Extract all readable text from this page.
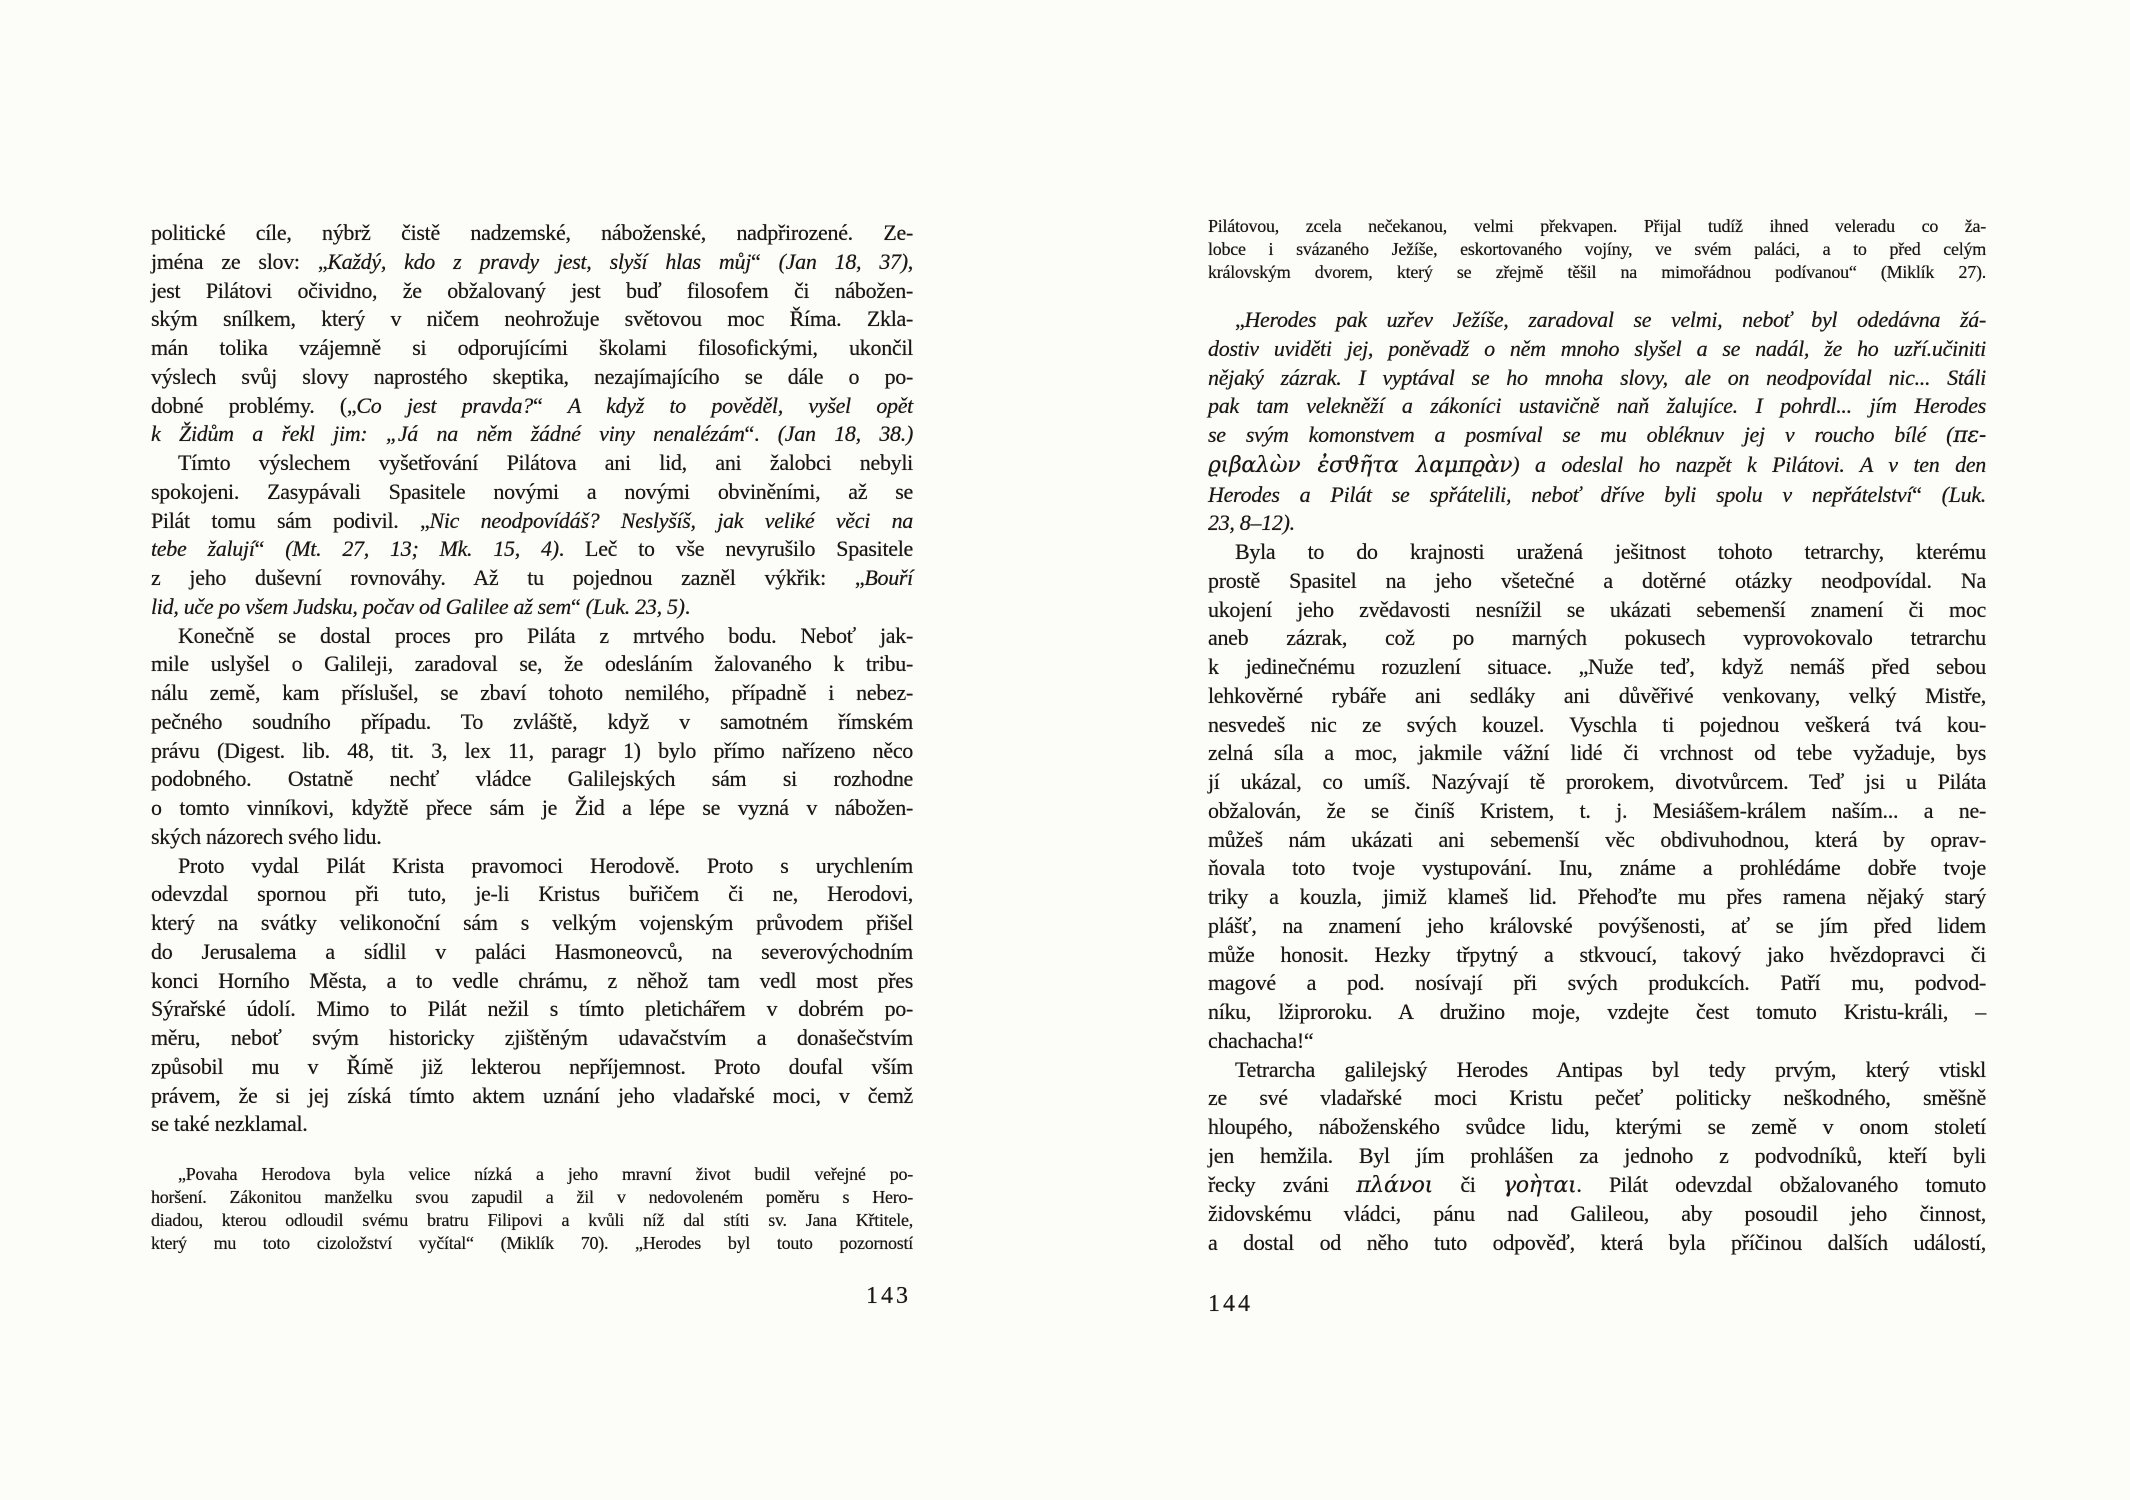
politické cíle, nýbrž čistě nadzemské, náboženské, nadpřirozené. Ze-
jména ze slov: „Každý, kdo z pravdy jest, slyší hlas můj“ (Jan 18, 37),
jest Pilátovi očividno, že obžalovaný jest buď filosofem či nábožen-
ským snílkem, který v ničem neohrožuje světovou moc Říma. Zkla-
mán tolika vzájemně si odporujícími školami filosofickými, ukončil
výslech svůj slovy naprostého skeptika, nezajímajícího se dále o po-
dobné problémy. („Co jest pravda?“ A když to pověděl, vyšel opět
k Židům a řekl jim: „Já na něm žádné viny nenalézám“. (Jan 18, 38.)
Tímto výslechem vyšetřování Pilátova ani lid, ani žalobci nebyli
spokojeni. Zasypávali Spasitele novými a novými obviněními, až se
Pilát tomu sám podivil. „Nic neodpovídáš? Neslyšíš, jak veliké věci na
tebe žalují“ (Mt. 27, 13; Mk. 15, 4). Leč to vše nevyrušilo Spasitele
z jeho duševní rovnováhy. Až tu pojednou zazněl výkřik: „Bouří
lid, uče po všem Judsku, počav od Galilee až sem“ (Luk. 23, 5).
Konečně se dostal proces pro Piláta z mrtvého bodu. Neboť jak-
mile uslyšel o Galileji, zaradoval se, že odesláním žalovaného k tribu-
nálu země, kam příslušel, se zbaví tohoto nemilého, případně i nebez-
pečného soudního případu. To zvláště, když v samotném římském
právu (Digest. lib. 48, tit. 3, lex 11, paragr 1) bylo přímo nařízeno něco
podobného. Ostatně nechť vládce Galilejských sám si rozhodne
o tomto vinníkovi, kdyžtě přece sám je Žid a lépe se vyzná v nábožen-
ských názorech svého lidu.
Proto vydal Pilát Krista pravomoci Herodově. Proto s urychlením
odevzdal spornou při tuto, je-li Kristus buřičem či ne, Herodovi,
který na svátky velikonoční sám s velkým vojenským průvodem přišel
do Jerusalema a sídlil v paláci Hasmoneovců, na severovýchodním
konci Horního Města, a to vedle chrámu, z něhož tam vedl most přes
Sýrařské údolí. Mimo to Pilát nežil s tímto pletichářem v dobrém po-
měru, neboť svým historicky zjištěným udavačstvím a donašečstvím
způsobil mu v Římě již lekterou nepříjemnost. Proto doufal vším
právem, že si jej získá tímto aktem uznání jeho vladařské moci, v čemž
se také nezklamal.
„Povaha Herodova byla velice nízká a jeho mravní život budil veřejné po-
horšení. Zákonitou manželku svou zapudil a žil v nedovoleném poměru s Hero-
diadou, kterou odloudil svému bratru Filipovi a kvůli níž dal stíti sv. Jana Křtitele,
který mu toto cizoložství vyčítal“ (Miklík 70). „Herodes byl touto pozorností
143
Pilátovou, zcela nečekanou, velmi překvapen. Přijal tudíž ihned veleradu co ža-
lobce i svázaného Ježíše, eskortovaného vojíny, ve svém paláci, a to před celým
královským dvorem, který se zřejmě těšil na mimořádnou podívanou“ (Miklík 27).
„Herodes pak uzřev Ježíše, zaradoval se velmi, neboť byl odedávna žá-
dostiv uviděti jej, poněvadž o něm mnoho slyšel a se nadál, že ho uzří.učiniti
nějaký zázrak. I vyptával se ho mnoha slovy, ale on neodpovídal nic... Stáli
pak tam velekněží a zákoníci ustavičně naň žalujíce. I pohrdl... jím Herodes
se svým komonstvem a posmíval se mu obléknuv jej v roucho bílé (πε-
ϱιβαλὼν ἐσϑῆτα λαμπϱὰν) a odeslal ho nazpět k Pilátovi. A v ten den
Herodes a Pilát se spřátelili, neboť dříve byli spolu v nepřátelství“ (Luk.
23, 8–12).
Byla to do krajnosti uražená ješitnost tohoto tetrarchy, kterému
prostě Spasitel na jeho všetečné a dotěrné otázky neodpovídal. Na
ukojení jeho zvědavosti nesnížil se ukázati sebemenší znamení či moc
aneb zázrak, což po marných pokusech vyprovokovalo tetrarchu
k jedinečnému rozuzlení situace. „Nuže teď, když nemáš před sebou
lehkověrné rybáře ani sedláky ani důvěřivé venkovany, velký Mistře,
nesvedeš nic ze svých kouzel. Vyschla ti pojednou veškerá tvá kou-
zelná síla a moc, jakmile vážní lidé či vrchnost od tebe vyžaduje, bys
jí ukázal, co umíš. Nazývají tě prorokem, divotvůrcem. Teď jsi u Piláta
obžalován, že se činíš Kristem, t. j. Mesiášem-králem naším... a ne-
můžeš nám ukázati ani sebemenší věc obdivuhodnou, která by oprav-
ňovala toto tvoje vystupování. Inu, známe a prohlédáme dobře tvoje
triky a kouzla, jimiž klameš lid. Přehoďte mu přes ramena nějaký starý
plášť, na znamení jeho královské povýšenosti, ať se jím před lidem
může honosit. Hezky třpytný a stkvoucí, takový jako hvězdopravci či
magové a pod. nosívají při svých produkcích. Patří mu, podvod-
níku, lžiproroku. A družino moje, vzdejte čest tomuto Kristu-králi, –
chachacha!“
Tetrarcha galilejský Herodes Antipas byl tedy prvým, který vtiskl
ze své vladařské moci Kristu pečeť politicky neškodného, směšně
hloupého, náboženského svůdce lidu, kterými se země v onom století
jen hemžila. Byl jím prohlášen za jednoho z podvodníků, kteří byli
řecky zváni πλάνοι či γοὴται. Pilát odevzdal obžalovaného tomuto
židovskému vládci, pánu nad Galileou, aby posoudil jeho činnost,
a dostal od něho tuto odpověď, která byla příčinou dalších událostí,
144
